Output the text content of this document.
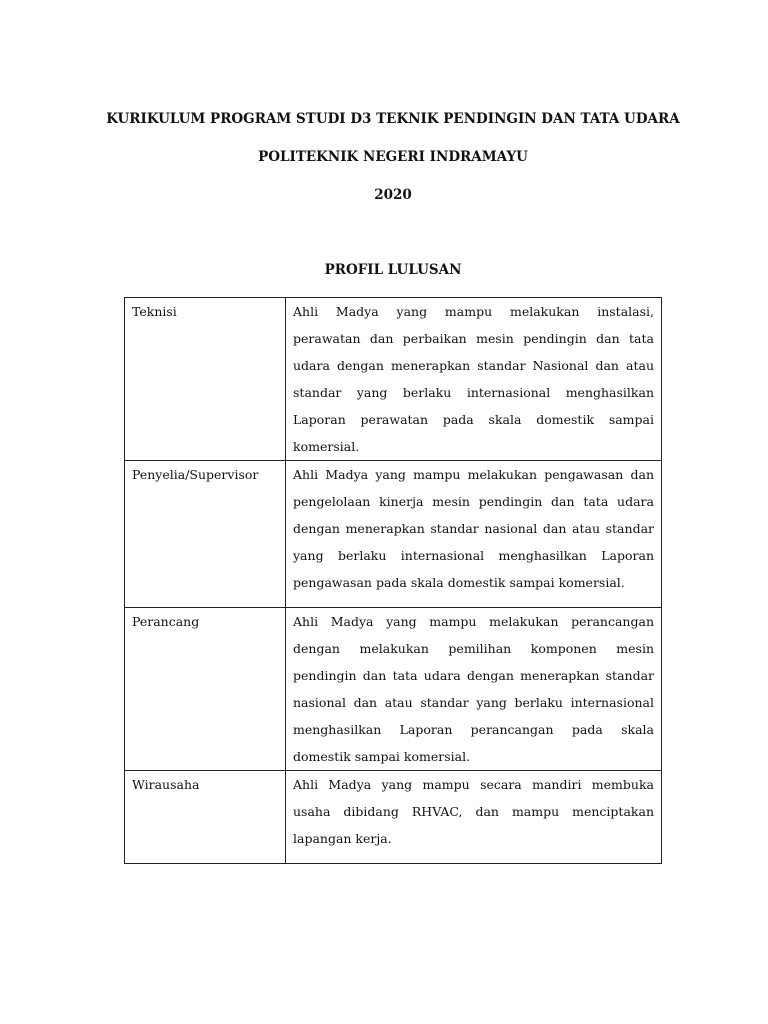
KURIKULUM PROGRAM STUDI D3 TEKNIK PENDINGIN DAN TATA UDARA
POLITEKNIK NEGERI INDRAMAYU
2020
PROFIL LULUSAN
Teknisi	Ahli Madya yang mampu melakukan instalasi, perawatan dan perbaikan mesin pendingin dan tata udara dengan menerapkan standar Nasional dan atau standar yang berlaku internasional menghasilkan Laporan perawatan pada skala domestik sampai komersial.
Penyelia/Supervisor	Ahli Madya yang mampu melakukan pengawasan dan pengelolaan kinerja mesin pendingin dan tata udara dengan menerapkan standar nasional dan atau standar yang berlaku internasional menghasilkan Laporan pengawasan pada skala domestik sampai komersial.
Perancang	Ahli Madya yang mampu melakukan perancangan dengan melakukan pemilihan komponen mesin pendingin dan tata udara dengan menerapkan standar nasional dan atau standar yang berlaku internasional menghasilkan Laporan perancangan pada skala domestik sampai komersial.
Wirausaha	Ahli Madya yang mampu secara mandiri membuka usaha dibidang RHVAC, dan mampu menciptakan lapangan kerja.
